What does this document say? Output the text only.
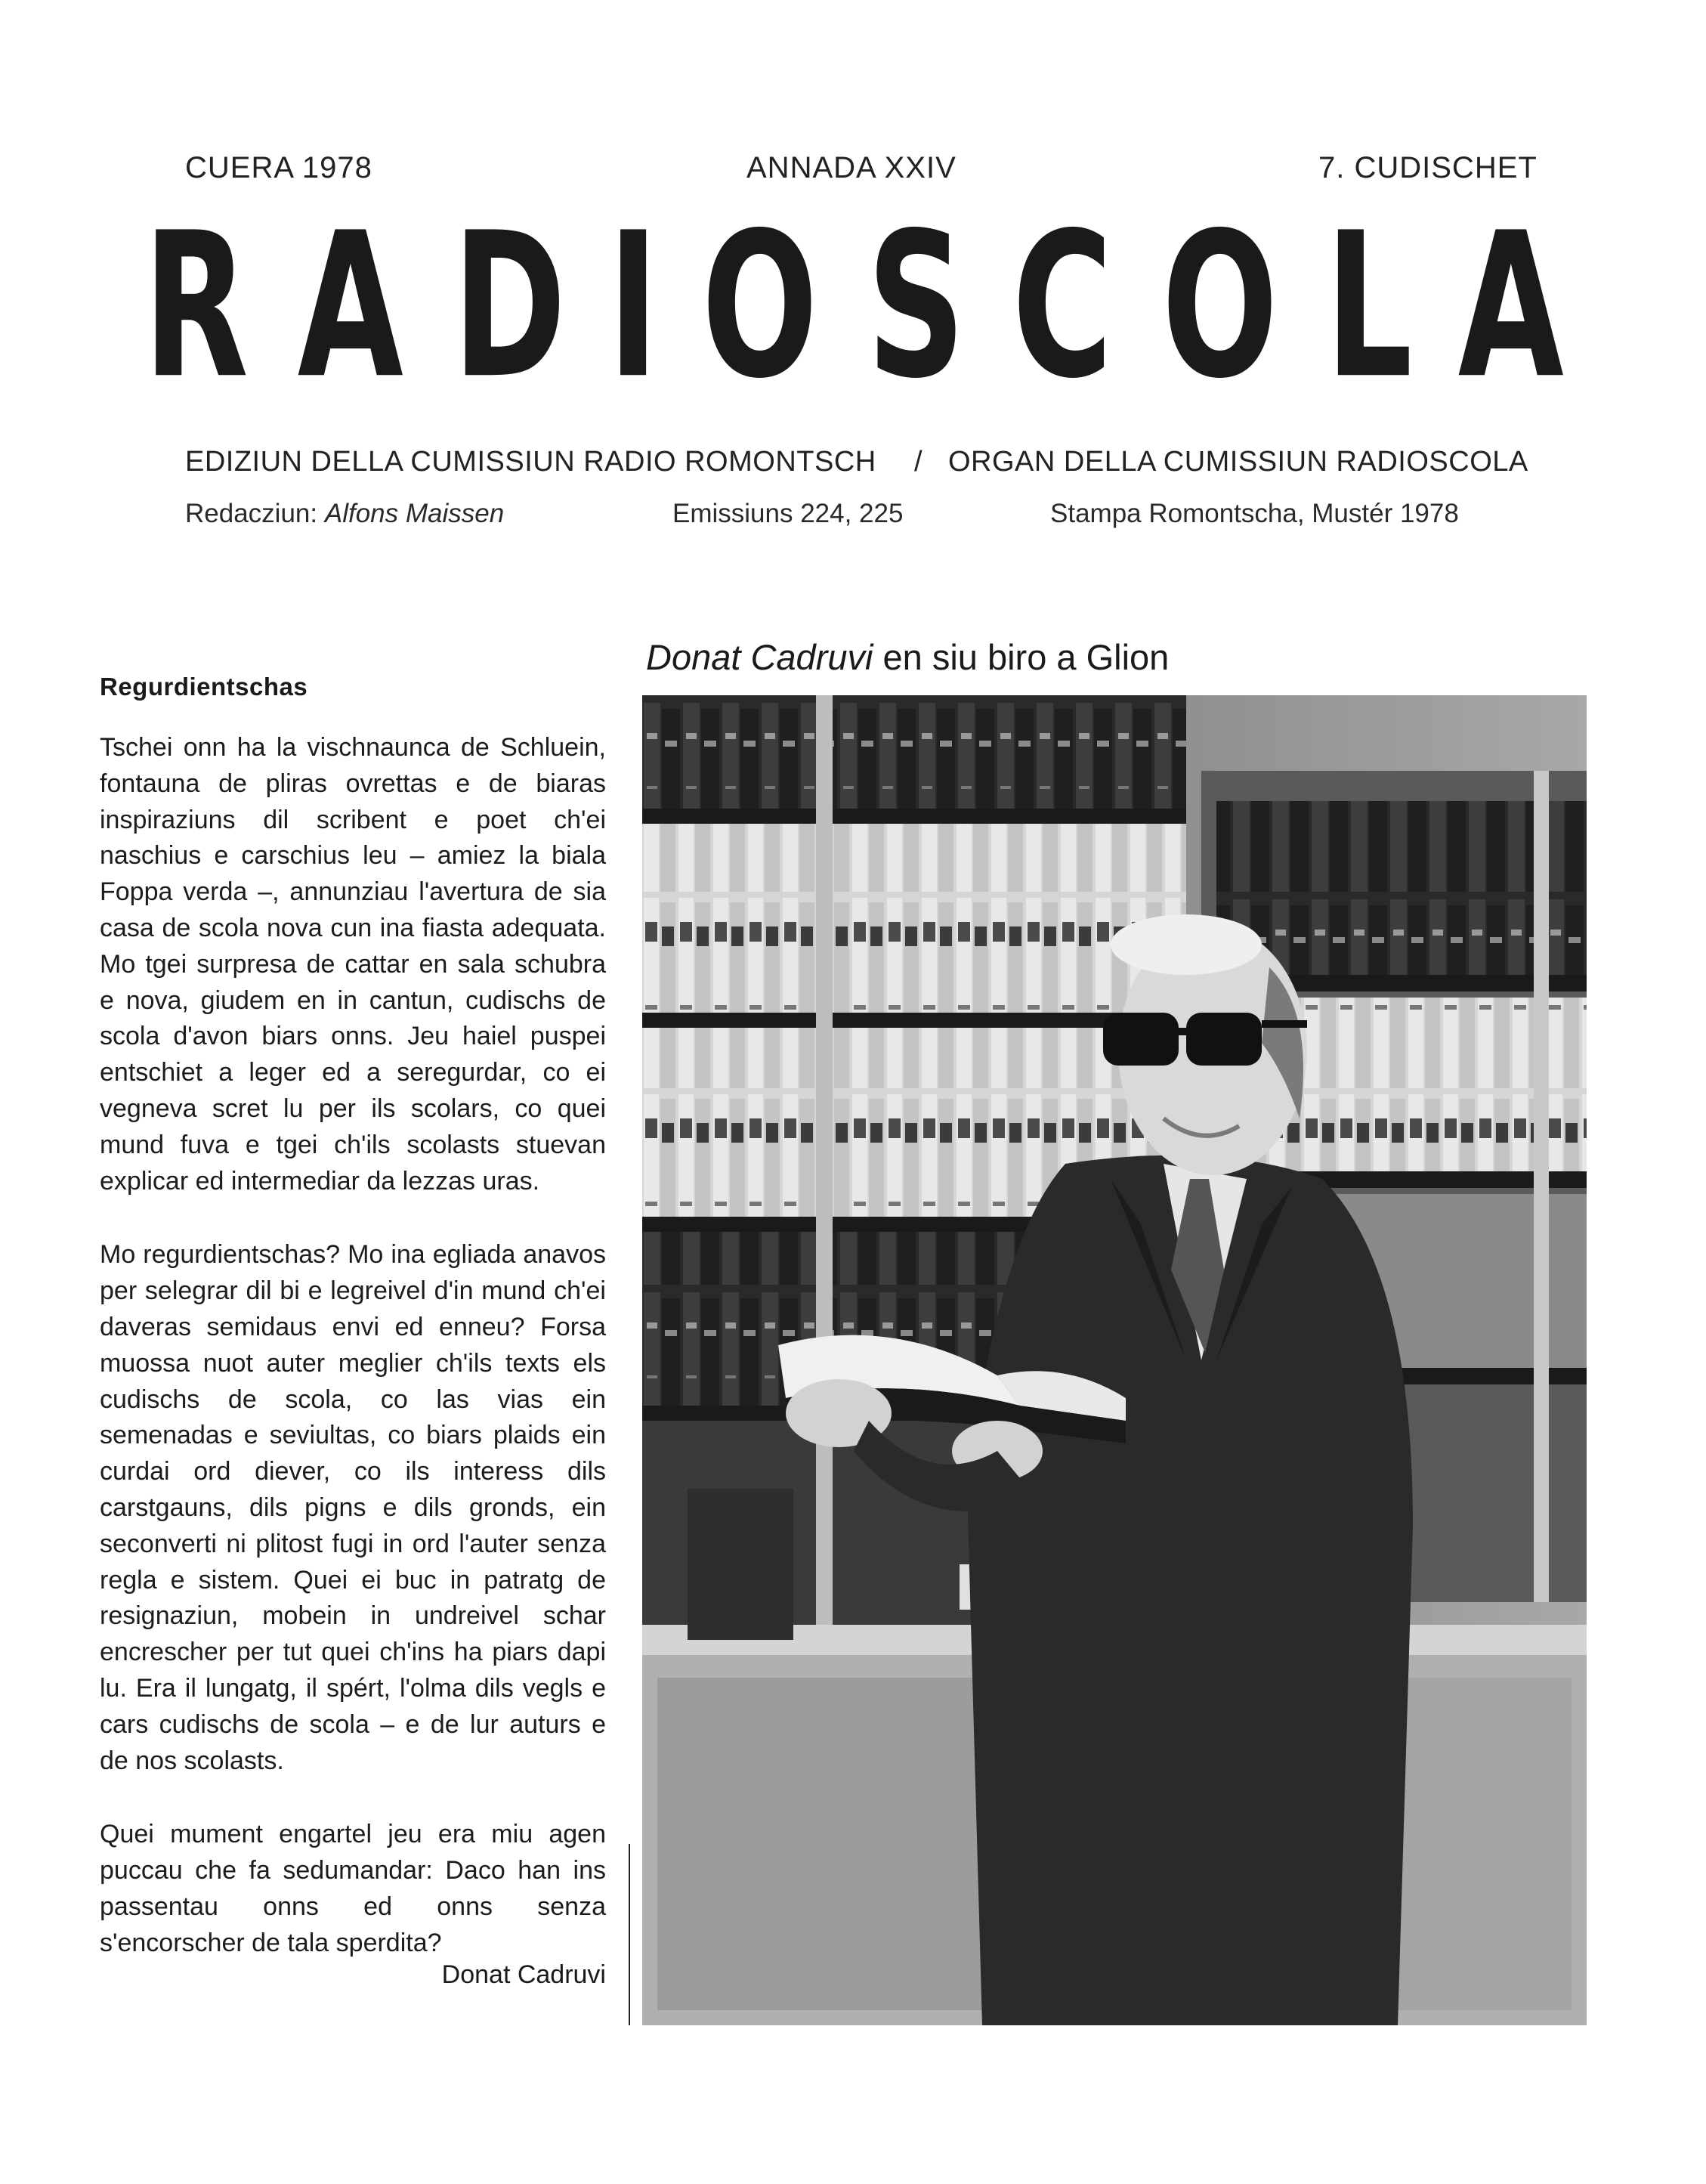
CUERA 1978	ANNADA XXIV	7. CUDISCHET
R A D I O S C O L A
EDIZIUN DELLA CUMISSIUN RADIO ROMONTSCH / ORGAN DELLA CUMISSIUN RADIOSCOLA
Redacziun: Alfons Maissen	Emissiuns 224, 225	Stampa Romontscha, Mustér 1978
Regurdientschas

Tschei onn ha la vischnaunca de Schluein, fontauna de pliras ovrettas e de biaras inspiraziuns dil scribent e poet ch'ei naschius e carschius leu – amiez la biala Foppa verda –, annunziau l'avertura de sia casa de scola nova cun ina fiasta adequata. Mo tgei surpresa de cattar en sala schubra e nova, giudem en in cantun, cudischs de scola d'avon biars onns. Jeu haiel puspei entschiet a leger ed a seregurdar, co ei vegneva scret lu per ils scolars, co quei mund fuva e tgei ch'ils scolasts stuevan explicar ed intermediar da lezzas uras.

Mo regurdientschas? Mo ina egliada anavos per selegrar dil bi e legreivel d'in mund ch'ei daveras semidaus envi ed enneu? Forsa muossa nuot auter meglier ch'ils texts els cudischs de scola, co las vias ein semenadas e seviultas, co biars plaids ein curdai ord diever, co ils interess dils carstgauns, dils pigns e dils gronds, ein seconverti ni plitost fugi in ord l'auter senza regla e sistem. Quei ei buc in patratg de resignaziun, mobein in undreivel schar encrescher per tut quei ch'ins ha piars dapi lu. Era il lungatg, il spért, l'olma dils vegls e cars cudischs de scola – e de lur auturs e de nos scolasts.

Quei mument engartel jeu era miu agen puccau che fa sedumandar: Daco han ins passentau onns ed onns senza s'encorscher de tala sperdita?

Donat Cadruvi
Donat Cadruvi en siu biro a Glion
